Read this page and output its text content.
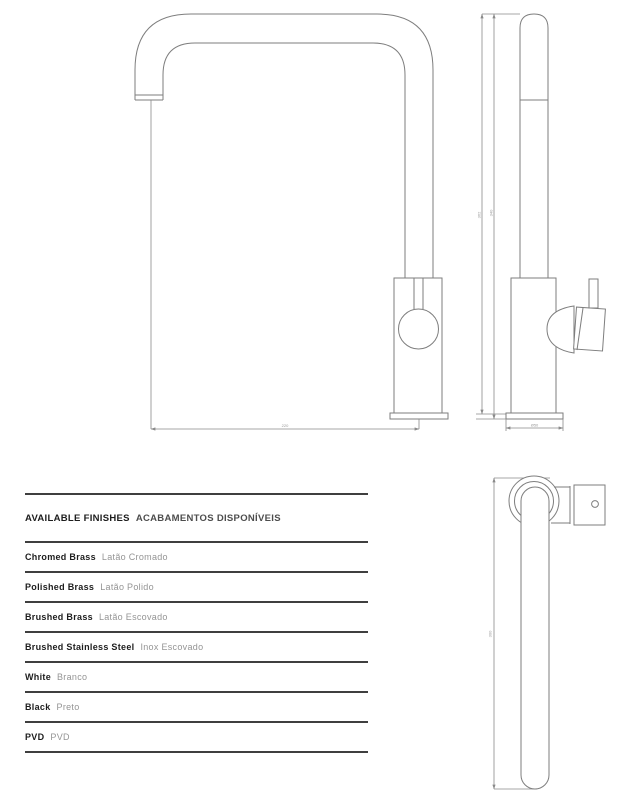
220
362 340
Ø50
300
AVAILABLE FINISHES ACABAMENTOS DISPONÍVEIS
Chromed Brass Latão Cromado
Polished Brass Latão Polido
Brushed Brass Latão Escovado
Brushed Stainless Steel Inox Escovado
White Branco
Black Preto
PVD PVD
